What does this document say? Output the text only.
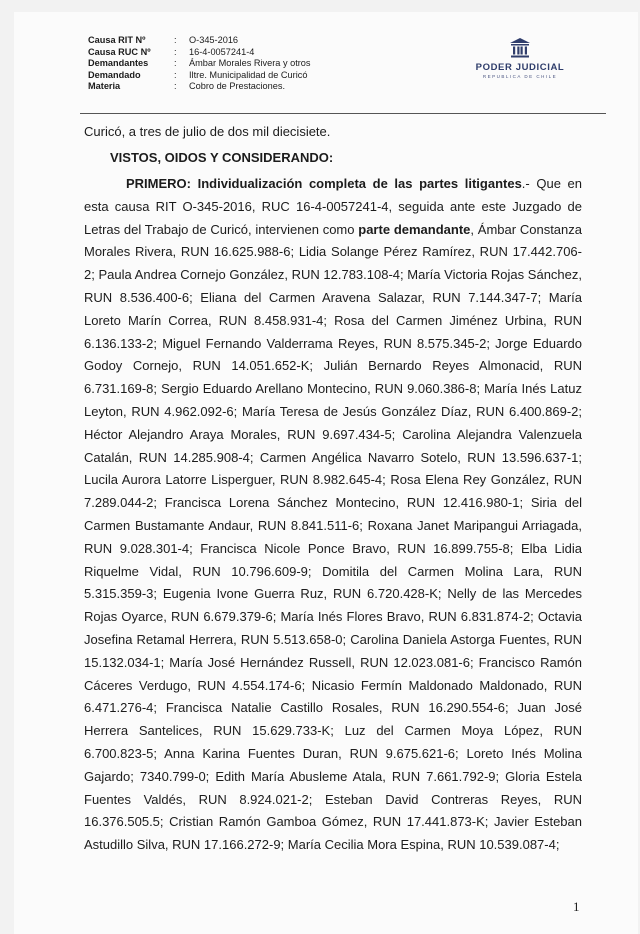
Causa RIT Nº	:	O-345-2016
Causa RUC Nº	:	16-4-0057241-4
Demandantes	:	Ámbar Morales Rivera y otros
Demandado	:	Iltre. Municipalidad de Curicó
Materia	:	Cobro de Prestaciones.
PODER JUDICIAL
REPUBLICA DE CHILE
Curicó, a tres de julio de dos mil diecisiete.
VISTOS, OIDOS Y CONSIDERANDO:

PRIMERO: Individualización completa de las partes litigantes.- Que en esta causa RIT O-345-2016, RUC 16-4-0057241-4, seguida ante este Juzgado de Letras del Trabajo de Curicó, intervienen como parte demandante, Ámbar Constanza Morales Rivera, RUN 16.625.988-6; Lidia Solange Pérez Ramírez, RUN 17.442.706-2; Paula Andrea Cornejo González, RUN 12.783.108-4; María Victoria Rojas Sánchez, RUN 8.536.400-6; Eliana del Carmen Aravena Salazar, RUN 7.144.347-7; María Loreto Marín Correa, RUN 8.458.931-4; Rosa del Carmen Jiménez Urbina, RUN 6.136.133-2; Miguel Fernando Valderrama Reyes, RUN 8.575.345-2; Jorge Eduardo Godoy Cornejo, RUN 14.051.652-K; Julián Bernardo Reyes Almonacid, RUN 6.731.169-8; Sergio Eduardo Arellano Montecino, RUN 9.060.386-8; María Inés Latuz Leyton, RUN 4.962.092-6; María Teresa de Jesús González Díaz, RUN 6.400.869-2; Héctor Alejandro Araya Morales, RUN 9.697.434-5; Carolina Alejandra Valenzuela Catalán, RUN 14.285.908-4; Carmen Angélica Navarro Sotelo, RUN 13.596.637-1; Lucila Aurora Latorre Lisperguer, RUN 8.982.645-4; Rosa Elena Rey González, RUN 7.289.044-2; Francisca Lorena Sánchez Montecino, RUN 12.416.980-1; Siria del Carmen Bustamante Andaur, RUN 8.841.511-6; Roxana Janet Maripangui Arriagada, RUN 9.028.301-4; Francisca Nicole Ponce Bravo, RUN 16.899.755-8; Elba Lidia Riquelme Vidal, RUN 10.796.609-9; Domitila del Carmen Molina Lara, RUN 5.315.359-3; Eugenia Ivone Guerra Ruz, RUN 6.720.428-K; Nelly de las Mercedes Rojas Oyarce, RUN 6.679.379-6; María Inés Flores Bravo, RUN 6.831.874-2; Octavia Josefina Retamal Herrera, RUN 5.513.658-0; Carolina Daniela Astorga Fuentes, RUN 15.132.034-1; María José Hernández Russell, RUN 12.023.081-6; Francisco Ramón Cáceres Verdugo, RUN 4.554.174-6; Nicasio Fermín Maldonado Maldonado, RUN 6.471.276-4; Francisca Natalie Castillo Rosales, RUN 16.290.554-6; Juan José Herrera Santelices, RUN 15.629.733-K; Luz del Carmen Moya López, RUN 6.700.823-5; Anna Karina Fuentes Duran, RUN 9.675.621-6; Loreto Inés Molina Gajardo; 7340.799-0; Edith María Abusleme Atala, RUN 7.661.792-9; Gloria Estela Fuentes Valdés, RUN 8.924.021-2; Esteban David Contreras Reyes, RUN 16.376.505.5; Cristian Ramón Gamboa Gómez, RUN 17.441.873-K; Javier Esteban Astudillo Silva, RUN 17.166.272-9; María Cecilia Mora Espina, RUN 10.539.087-4;

1
